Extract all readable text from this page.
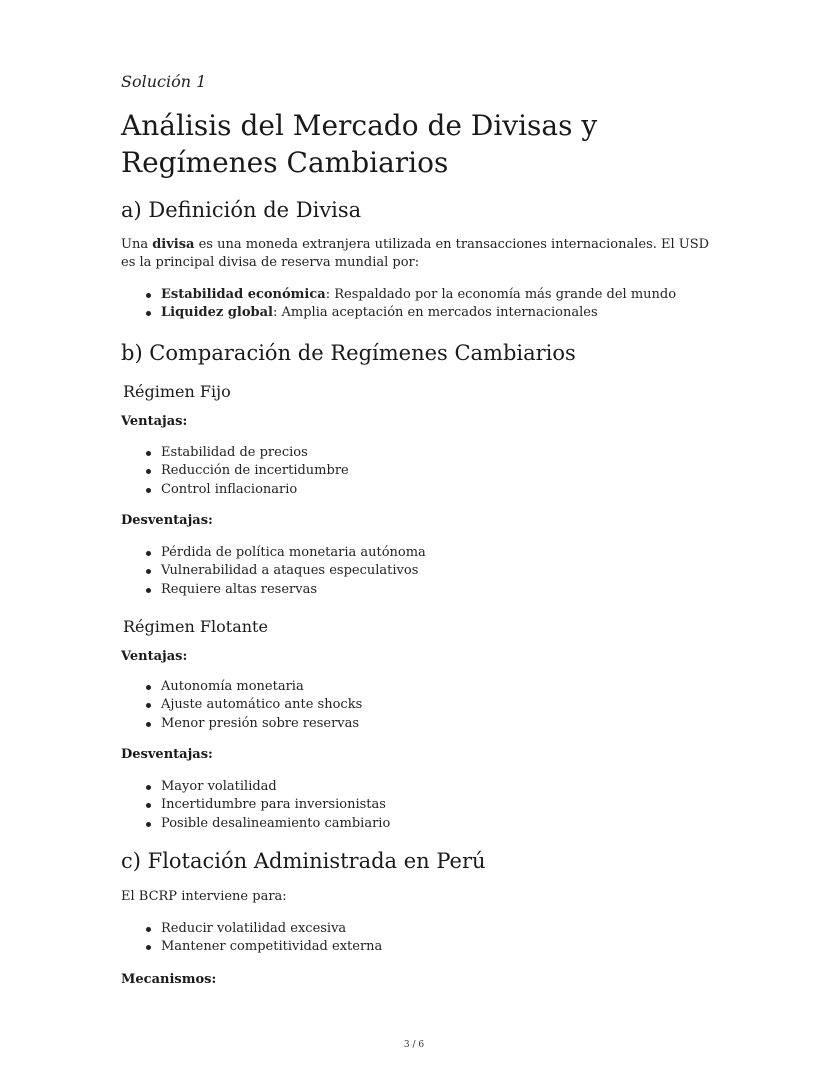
Solución 1
Análisis del Mercado de Divisas y Regímenes Cambiarios
a) Definición de Divisa

Una divisa es una moneda extranjera utilizada en transacciones internacionales. El USD es la principal divisa de reserva mundial por:

Estabilidad económica: Respaldado por la economía más grande del mundo
Liquidez global: Amplia aceptación en mercados internacionales
b) Comparación de Regímenes Cambiarios
Régimen Fijo
Ventajas:
Estabilidad de precios
Reducción de incertidumbre
Control inflacionario
Desventajas:
Pérdida de política monetaria autónoma
Vulnerabilidad a ataques especulativos
Requiere altas reservas
Régimen Flotante
Ventajas:
Autonomía monetaria
Ajuste automático ante shocks
Menor presión sobre reservas
Desventajas:
Mayor volatilidad
Incertidumbre para inversionistas
Posible desalineamiento cambiario
c) Flotación Administrada en Perú

El BCRP interviene para:

Reducir volatilidad excesiva
Mantener competitividad externa
Mecanismos:
3 / 6
